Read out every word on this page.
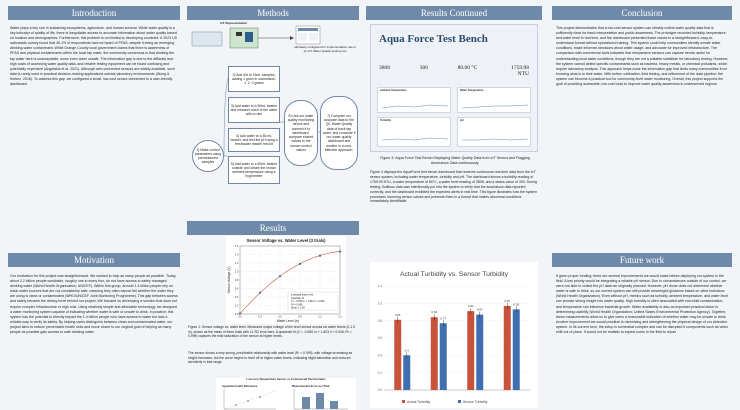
Introduction
Water plays a key role in sustaining ecosystems, agriculture, and human survival. While water quality is a key indicator of quality of life, there is inequitable access to accurate information about water quality based on location and demographics. Furthermore, this problem is not limited to developing countries. A 2023 US nationwide survey found that 45.1% of respondents had not heard of PFAS; despite it being an emerging drinking-water contaminant. While Orange County local government claims that there is awareness of PFAS and physical contaminants within the local tap water, the community consensus is that drinking the tap water here is unacceptable, some even claim unsafe. The information gap is due to the difficulty and high costs of accessing water quality data, and reliable testing equipment can be found confusing and potentially expensive (Angelakis et al. 2021). Although web-connected sensors are widely available, such data is rarely used in practical decision-making applications outside laboratory environments (Wong & Kerkez, 2016). To address this gap, we configured a small, low-cost sensor connected to a user-friendly dashboard.
Motivation
Our motivation for this project was straightforward. We wanted to help as many people as possible. Today, about 2.2 billion people worldwide, roughly one in every four, do not have access to safely managed drinking water (World Health Organization; UNICEF). Within this group, around 1.4 billion people rely on basic water sources that are not consistently safe, meaning they often cannot tell whether the water they are using is clean or contaminated (WHO/UNICEF Joint Monitoring Programme). This gap between access and safety became the driving force behind our project. We focused on developing a solution that does not require complex infrastructure or high cost. Using relatively simple and affordable technology, we designed a water monitoring system capable of indicating whether water is safe or unsafe to drink. In practice, this system has the potential to directly impact the 1.4 billion people who have access to water but lack a reliable way to verify its safety. By helping users distinguish between clean and contaminated water, our project aims to reduce preventable health risks and move closer to our original goal of helping as many people as possible gain access to safe drinking water.
Methods
IoT Representation
ultimately configured for implementation use in an IoT Water Quality testing tool
1) Make control parameters using premeasured samples
2) Add dirt to 15mL samples, adding 1 gram in succession. 1, 2, 3 grams
3) Add water to a 50mL beaker and measure each of the water with a ruler
4) Add water to a 50 mL beaker, and test the pH using a freshwater master test kit
5) Add water to a 50mL beaker outside and obtain the known ambient temperature using a hygrometer
6) Use our water quality monitoring device and connect it to dashboard, compare shared values to the known control values
7) Compare our accurate data to the QC Water Quality data of back tap water, and conclude if our water quality dashboard and monitor is a cost-effective approach.
Results
Sensor Voltage vs. Water Level (3 trials)
Water Level (in)
Sensor Voltage (V)
0.0	0.3	0.6	0.9	1.2	1.5
0.0
0.2
0.4
0.6
0.8
1.0
1.2
1.4
1.6
Individual trials (n=3)
Quadratic fit
V = -0.550 h² + 1.803 h + 0.006
R² = 0.999
Mean ± 1 SD
Figure 1: Sensor voltage vs. water level. Measured output voltage of the level sensor across six water levels (0-1.5 in), shown as the mean of three trials with ±1 SD error bars. A quadratic fit (V = -0.550 h² + 1.803 h + 0.006; R² = 0.999) captures the mild saturation of the sensor at higher levels.
The sensor shows a very strong, predictable relationship with water level (R² = 0.999), with voltage increasing as height increases, but the curve begins to level off at higher water levels, indicating slight saturation and reduced sensitivity in that range.
Low-cost Temperature Sensor vs Commercial Thermometer
Agreement with Reference	Measurement Error per Trial
Results Continued
Aqua Force Test Bench
3808	300	80.00 °C	1759.98 NTU
Ambient Temperature	Water Temperature
Turbidity	pH
Figure 3: Aqua Force Test Bench Displaying Water Quality Data from IoT Sensor and Flagging Anomalous Data continuously.
Figure 3 displays the AquaForce test bench dashboard that receives continuous real-time data from the IoT sensor system, including water temperature, turbidity and pH. The dashboard shows a turbidity reading of 1759.99 NTU, a water temperature of 80°C, a water level reading of 3808, and a status value of 300. During testing, fictitious data was intentionally put into the system to verify that the anomalous data reported correctly, and the dashboard exhibited the expected alerts in real time. This figure illustrates how the system processes incoming sensor values and presents them in a format that makes abnormal conditions immediately identifiable.
Actual Turbidity vs. Sensor Turbidity
0.0
0.2
0.4
0.6
0.8
1.0
1.2
0.81
0.4
0.84
0.77
0.91
0.87
0.97
0.93
Actual Turbidity	Sensor Turbidity
Conclusion
This project demonstrates that a low-cost sensor system can reliably collect water quality data that is sufficiently clear for basic interpretation and public awareness. The prototype recorded turbidity, temperature, and water level in real time, and the dashboard presented these values in a straightforward, easy-to-understand format without specialized training. This system could help communities identify unsafe water conditions, make informed decisions about water usage, and advocate for improved infrastructure. The comparison with commercial tools indicates that inexpensive sensors can capture trends useful for understanding local water conditions, though they are not a suitable substitute for laboratory testing. However, the system cannot detect specific contaminants such as bacteria, heavy metals, or chemical pollutants, which require laboratory analysis. This approach helps close the information gap that limits many communities from knowing what is in their water. With further calibration, field testing, and refinement of the data pipeline, the system can become a practical tool for community-level water monitoring. Overall, this project supports the goal of providing accessible, low-cost tools to improve water quality awareness in underserved regions.
Future work
If given proper funding, there are several improvements we would make before deploying our system in the field. A key priority would be integrating a reliable pH sensor. Due to circumstances outside of our control, we were not able to collect the pH data we originally planned. However, pH alone does not determine whether water is safe to drink, so our current system can still provide meaningful guidance based on other indicators (World Health Organization). Even without pH, metrics such as turbidity, ambient temperature, and water level can provide strong insight into water quality. High turbidity is often associated with microbial contamination, and temperature can influence bacterial growth. Water availability is also an important practical factor in determining usability (World Health Organization; United States Environmental Protection Agency). Together, these measurements allow us to give users a reasonable indication of whether water may be unsafe to drink. Another improvement we would prioritize is minimizing and strengthening the physical design of our detection system. In its current form, the setup is somewhat complex and can be disrupted if components such as wires shift out of place. If would not be realistic to expect users in the field to repair
